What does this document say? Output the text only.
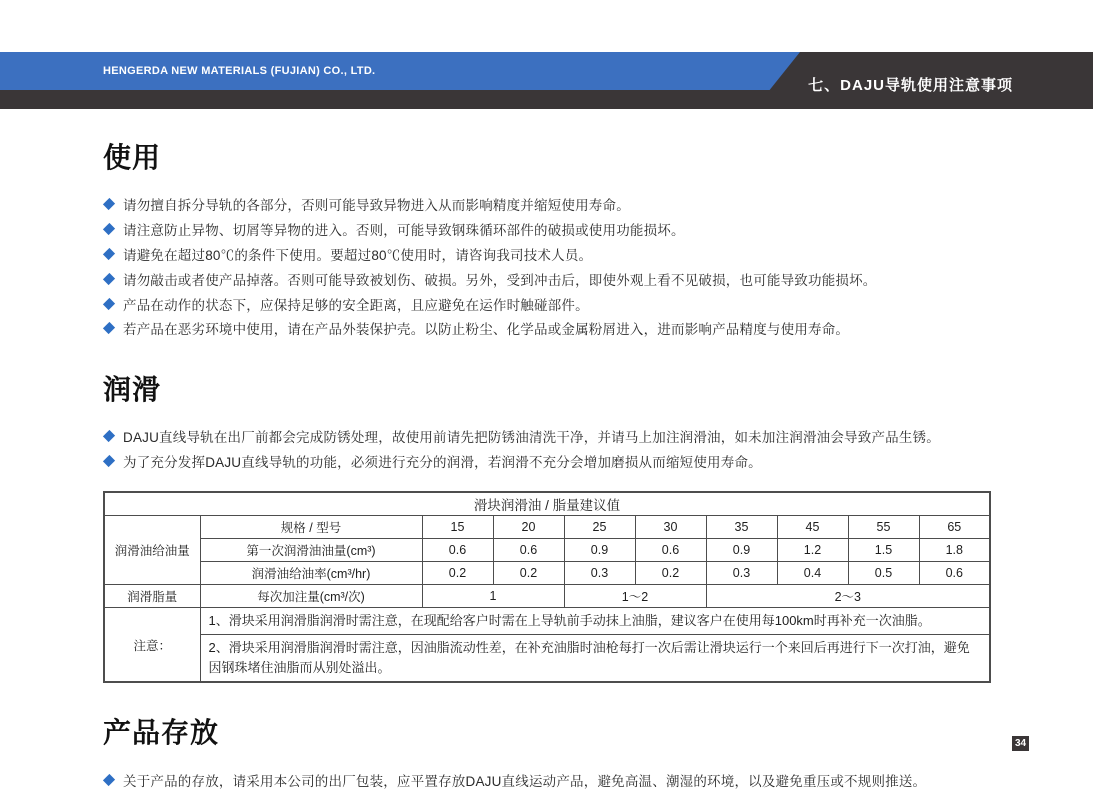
HENGERDA NEW MATERIALS (FUJIAN) CO., LTD.
七、DAJU导轨使用注意事项
使用
请勿擅自拆分导轨的各部分，否则可能导致异物进入从而影响精度并缩短使用寿命。
请注意防止异物、切屑等异物的进入。否则，可能导致钢珠循环部件的破损或使用功能损坏。
请避免在超过80℃的条件下使用。要超过80℃使用时，请咨询我司技术人员。
请勿敲击或者使产品掉落。否则可能导致被划伤、破损。另外，受到冲击后，即使外观上看不见破损，也可能导致功能损坏。
产品在动作的状态下，应保持足够的安全距离，且应避免在运作时触碰部件。
若产品在恶劣环境中使用，请在产品外装保护壳。以防止粉尘、化学品或金属粉屑进入，进而影响产品精度与使用寿命。
润滑
DAJU直线导轨在出厂前都会完成防锈处理，故使用前请先把防锈油清洗干净，并请马上加注润滑油，如未加注润滑油会导致产品生锈。
为了充分发挥DAJU直线导轨的功能，必须进行充分的润滑，若润滑不充分会增加磨损从而缩短使用寿命。
滑块润滑油 / 脂量建议值									
润滑油给油量	规格 / 型号	15	20	25	30	35	45	55	65
	第一次润滑油油量(cm³)	0.6	0.6	0.9	0.6	0.9	1.2	1.5	1.8
	润滑油给油率(cm³/hr)	0.2	0.2	0.3	0.2	0.3	0.4	0.5	0.6
润滑脂量	每次加注量(cm³/次)	1		1～2		2～3			
注意：	1、滑块采用润滑脂润滑时需注意，在现配给客户时需在上导轨前手动抹上油脂，建议客户在使用每100km时再补充一次油脂。								
	2、滑块采用润滑脂润滑时需注意，因油脂流动性差，在补充油脂时油枪每打一次后需让滑块运行一个来回后再进行下一次打油，避免因钢珠堵住油脂而从别处溢出。								
产品存放
关于产品的存放，请采用本公司的出厂包装，应平置存放DAJU直线运动产品，避免高温、潮湿的环境，以及避免重压或不规则推送。
34
